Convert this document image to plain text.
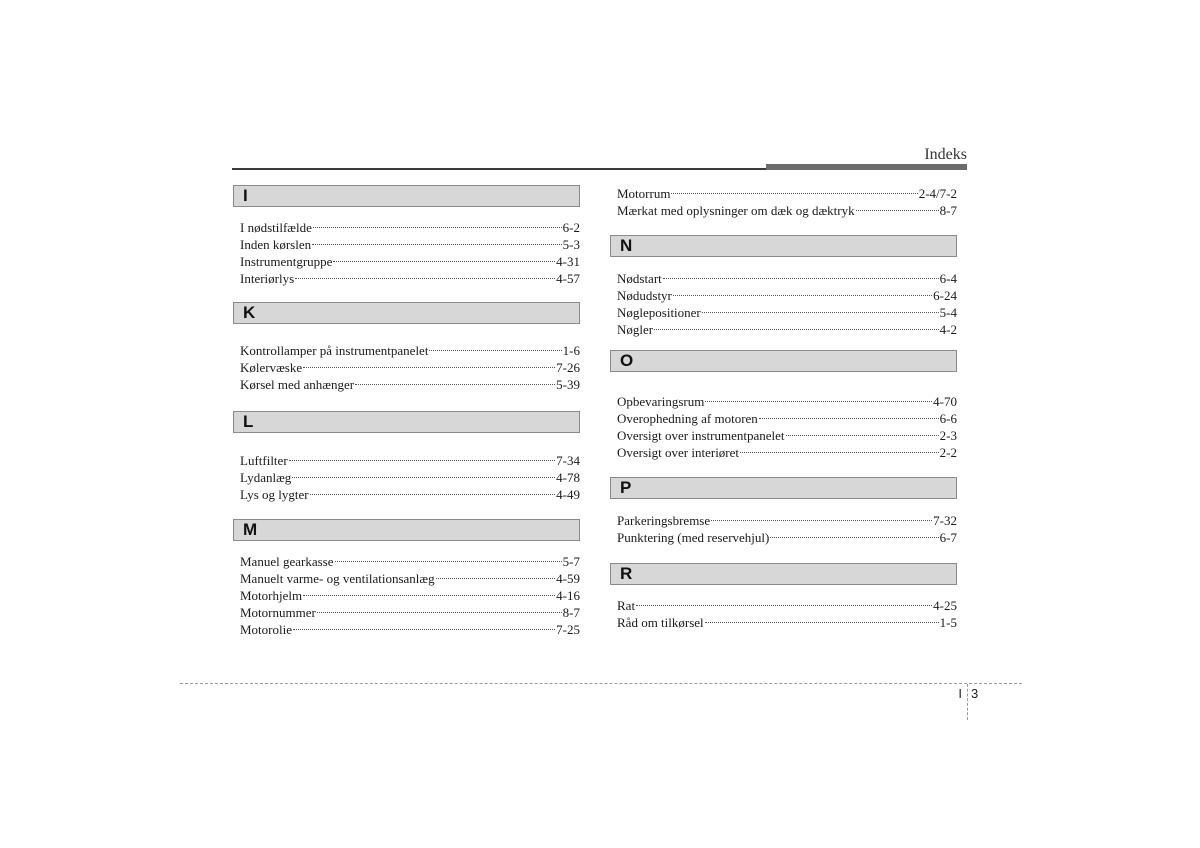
Indeks
I
I nødstilfælde	6-2
Inden kørslen	5-3
Instrumentgruppe	4-31
Interiørlys	4-57
K
Kontrollamper på instrumentpanelet	1-6
Kølervæske	7-26
Kørsel med anhænger	5-39
L
Luftfilter	7-34
Lydanlæg	4-78
Lys og lygter	4-49
M
Manuel gearkasse	5-7
Manuelt varme- og ventilationsanlæg	4-59
Motorhjelm	4-16
Motornummer	8-7
Motorolie	7-25
Motorrum	2-4/7-2
Mærkat med oplysninger om dæk og dæktryk	8-7
N
Nødstart	6-4
Nødudstyr	6-24
Nøglepositioner	5-4
Nøgler	4-2
O
Opbevaringsrum	4-70
Overophedning af motoren	6-6
Oversigt over instrumentpanelet	2-3
Oversigt over interiøret	2-2
P
Parkeringsbremse	7-32
Punktering (med reservehjul)	6-7
R
Rat	4-25
Råd om tilkørsel	1-5
I 3
